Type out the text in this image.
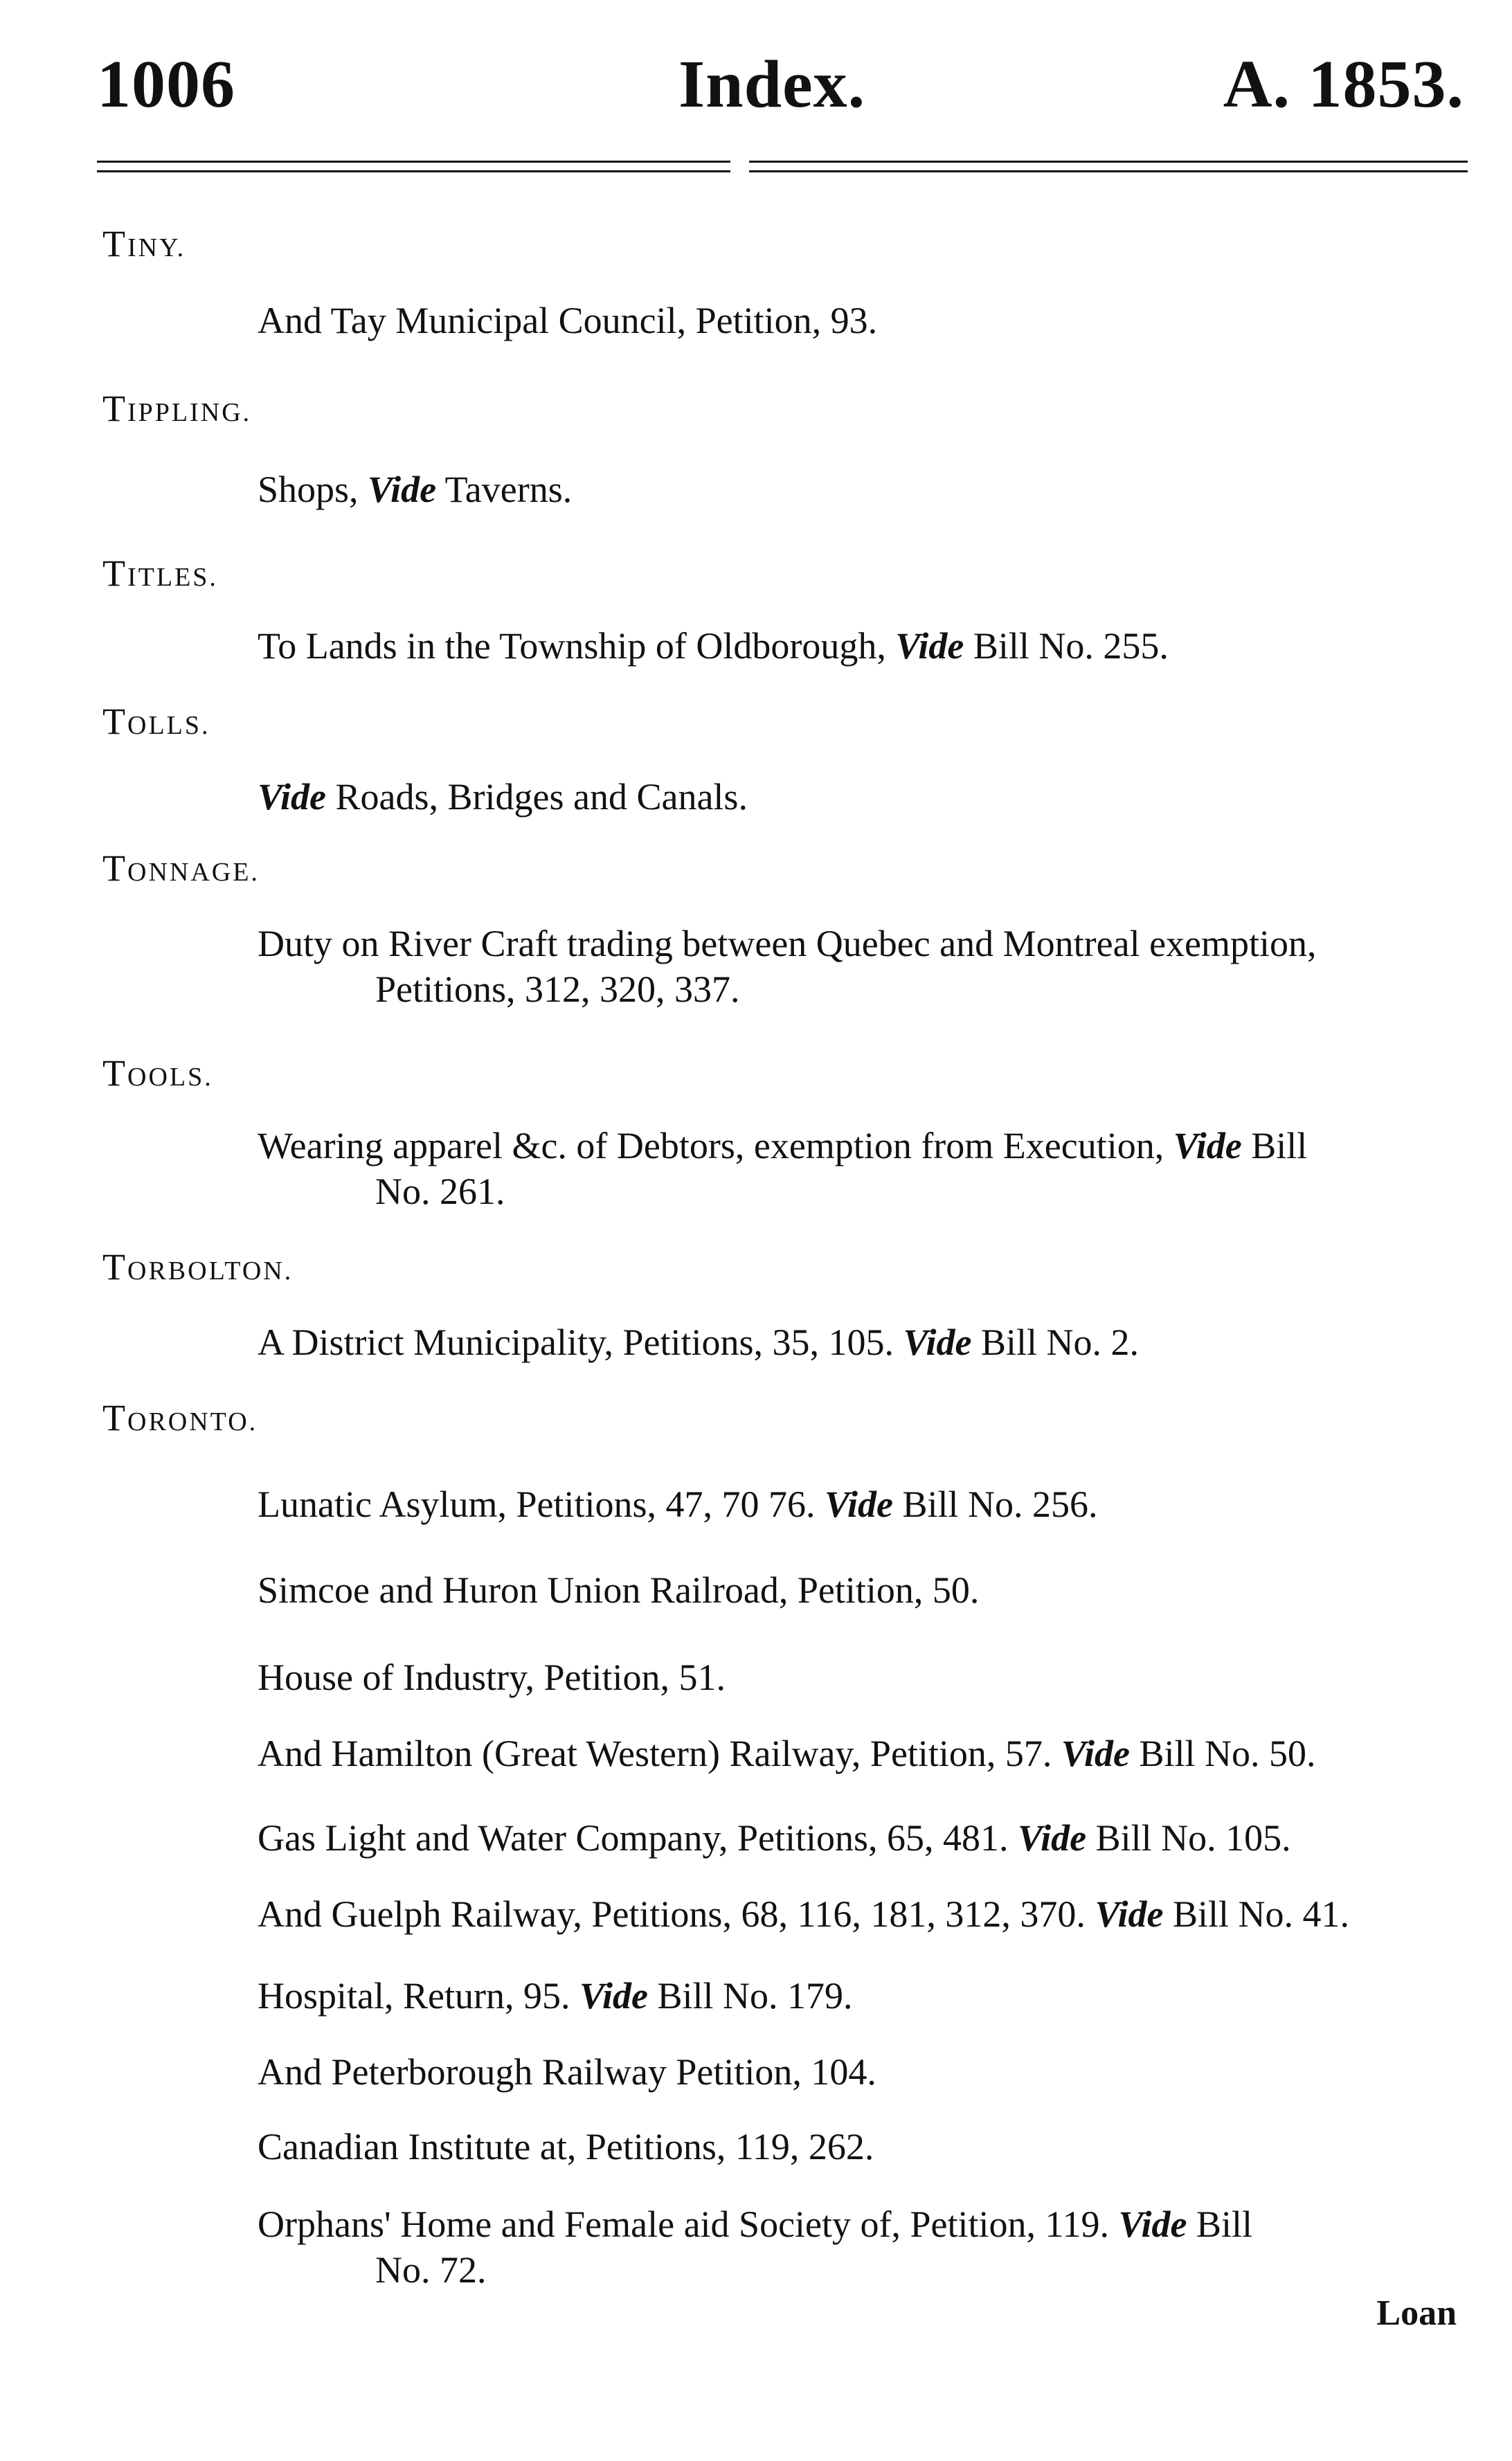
1006	Index.	A. 1853.
TINY.
And Tay Municipal Council, Petition, 93.
TIPPLING.
Shops, Vide Taverns.
TITLES.
To Lands in the Township of Oldborough, Vide Bill No. 255.
TOLLS.
Vide Roads, Bridges and Canals.
TONNAGE.
Duty on River Craft trading between Quebec and Montreal exemption,
Petitions, 312, 320, 337.
TOOLS.
Wearing apparel &c. of Debtors, exemption from Execution, Vide Bill
No. 261.
TORBOLTON.
A District Municipality, Petitions, 35, 105. Vide Bill No. 2.
TORONTO.
Lunatic Asylum, Petitions, 47, 70 76. Vide Bill No. 256.
Simcoe and Huron Union Railroad, Petition, 50.
House of Industry, Petition, 51.
And Hamilton (Great Western) Railway, Petition, 57. Vide Bill No. 50.
Gas Light and Water Company, Petitions, 65, 481. Vide Bill No. 105.
And Guelph Railway, Petitions, 68, 116, 181, 312, 370. Vide Bill No. 41.
Hospital, Return, 95. Vide Bill No. 179.
And Peterborough Railway Petition, 104.
Canadian Institute at, Petitions, 119, 262.
Orphans' Home and Female aid Society of, Petition, 119. Vide Bill
No. 72.
Loan
